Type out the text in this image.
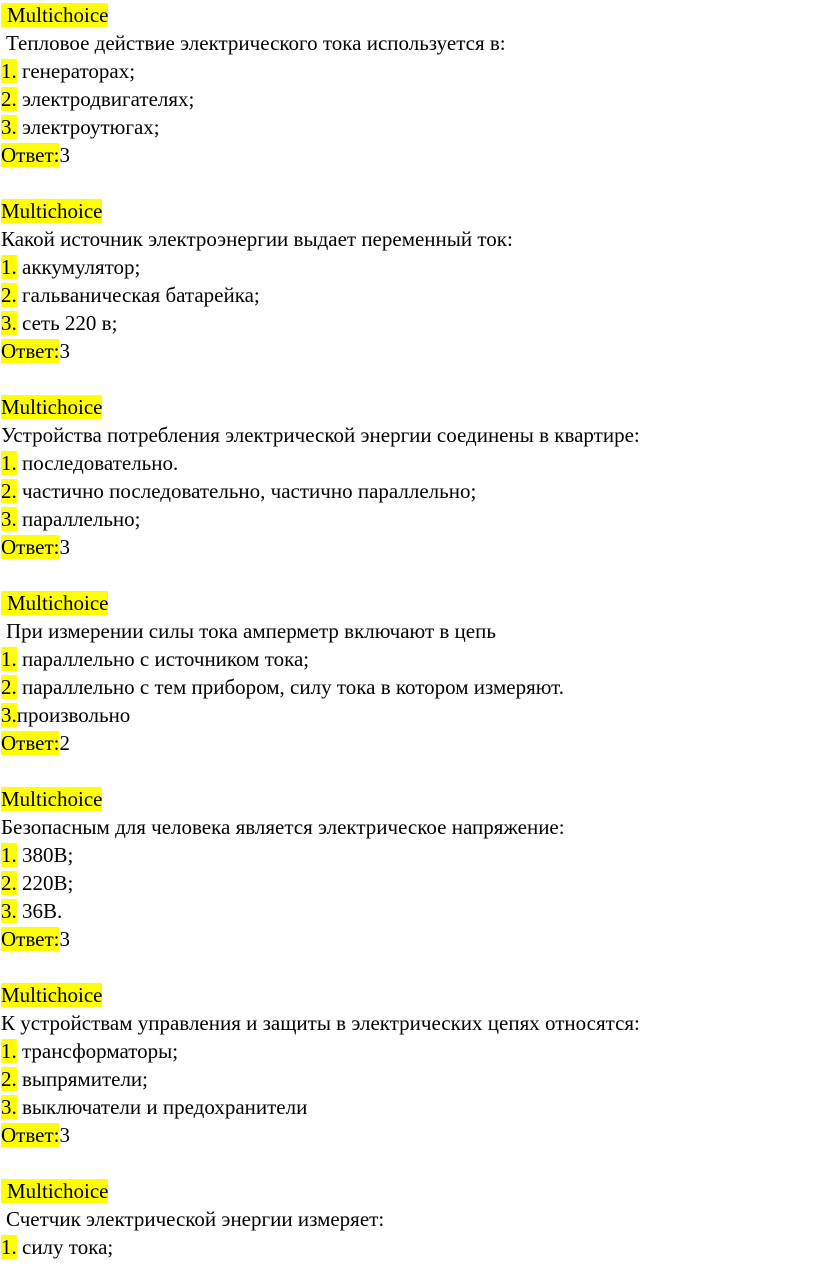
Multichoice
Тепловое действие электрического тока используется в:
1. генераторах;
2. электродвигателях;
3. электроутюгах;
Ответ:3
Multichoice
Какой источник электроэнергии выдает переменный ток:
1. аккумулятор;
2. гальваническая батарейка;
3. сеть 220 в;
Ответ:3
Multichoice
Устройства потребления электрической энергии соединены в квартире:
1. последовательно.
2. частично последовательно, частично параллельно;
3. параллельно;
Ответ:3
Multichoice
При измерении силы тока амперметр включают в цепь
1. параллельно с источником тока;
2. параллельно с тем прибором, силу тока в котором измеряют.
3.произвольно
Ответ:2
Multichoice
Безопасным для человека является электрическое напряжение:
1. 380В;
2. 220В;
3. 36В.
Ответ:3
Multichoice
К устройствам управления и защиты в электрических цепях относятся:
1. трансформаторы;
2. выпрямители;
3. выключатели и предохранители
Ответ:3
Multichoice
Счетчик электрической энергии измеряет:
1. силу тока;
